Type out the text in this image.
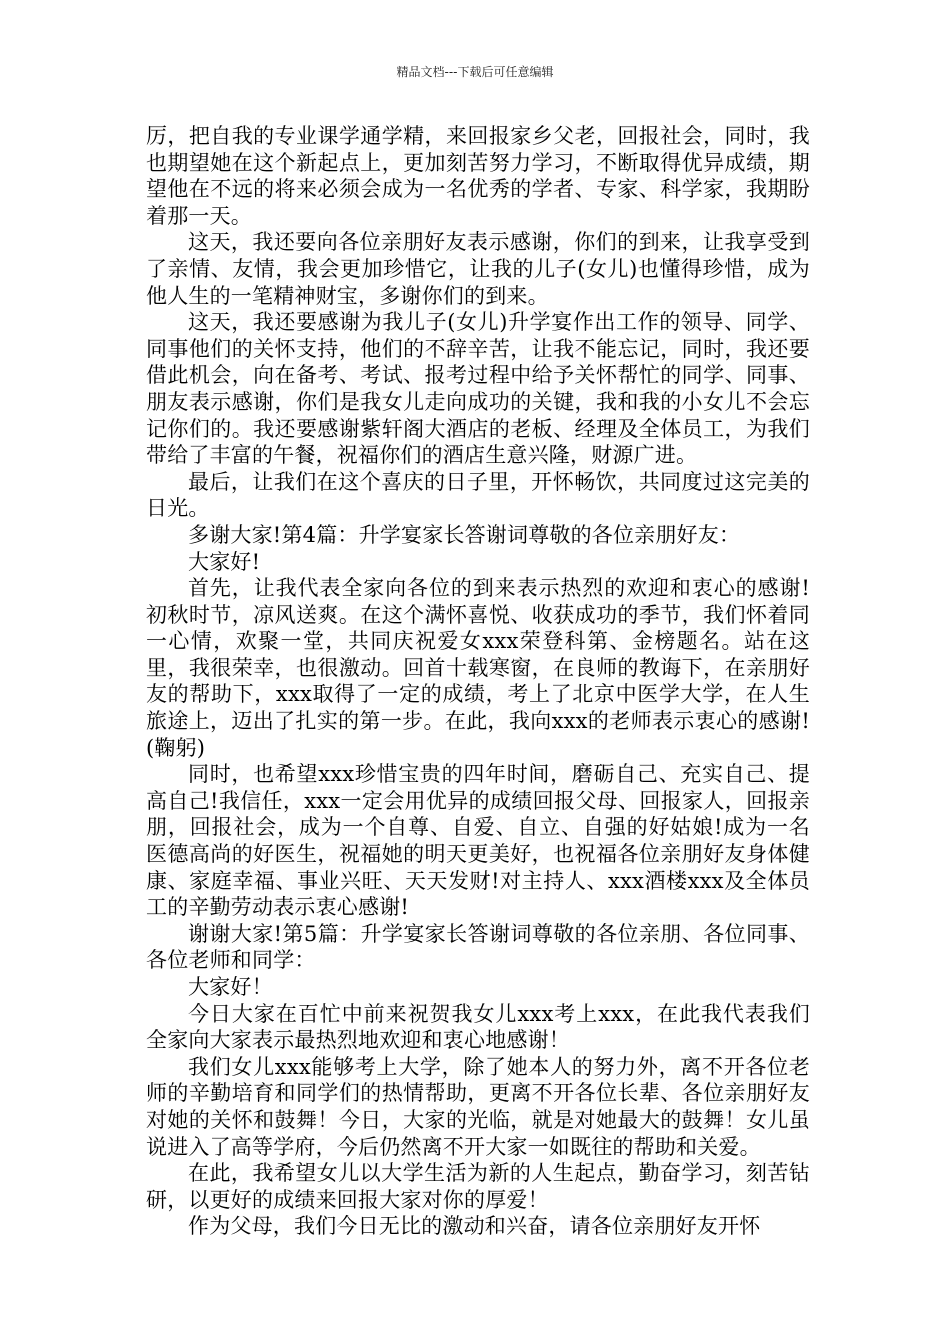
精品文档---下载后可任意编辑

厉，把自我的专业课学通学精，来回报家乡父老，回报社会，同时，我也期望她在这个新起点上，更加刻苦努力学习，不断取得优异成绩，期望他在不远的将来必须会成为一名优秀的学者、专家、科学家，我期盼着那一天。

这天，我还要向各位亲朋好友表示感谢，你们的到来，让我享受到了亲情、友情，我会更加珍惜它，让我的儿子(女儿)也懂得珍惜，成为他人生的一笔精神财宝，多谢你们的到来。

这天，我还要感谢为我儿子(女儿)升学宴作出工作的领导、同学、同事他们的关怀支持，他们的不辞辛苦，让我不能忘记，同时，我还要借此机会，向在备考、考试、报考过程中给予关怀帮忙的同学、同事、朋友表示感谢，你们是我女儿走向成功的关键，我和我的小女儿不会忘记你们的。我还要感谢紫轩阁大酒店的老板、经理及全体员工，为我们带给了丰富的午餐，祝福你们的酒店生意兴隆，财源广进。

最后，让我们在这个喜庆的日子里，开怀畅饮，共同度过这完美的日光。

多谢大家!第4篇：升学宴家长答谢词尊敬的各位亲朋好友：

大家好!

首先，让我代表全家向各位的到来表示热烈的欢迎和衷心的感谢!初秋时节，凉风送爽。在这个满怀喜悦、收获成功的季节，我们怀着同一心情，欢聚一堂，共同庆祝爱女xxx荣登科第、金榜题名。站在这里，我很荣幸，也很激动。回首十载寒窗，在良师的教诲下，在亲朋好友的帮助下，xxx取得了一定的成绩，考上了北京中医学大学，在人生旅途上，迈出了扎实的第一步。在此，我向xxx的老师表示衷心的感谢!(鞠躬)

同时，也希望xxx珍惜宝贵的四年时间，磨砺自己、充实自己、提高自己!我信任，xxx一定会用优异的成绩回报父母、回报家人，回报亲朋，回报社会，成为一个自尊、自爱、自立、自强的好姑娘!成为一名医德高尚的好医生，祝福她的明天更美好，也祝福各位亲朋好友身体健康、家庭幸福、事业兴旺、天天发财!对主持人、xxx酒楼xxx及全体员工的辛勤劳动表示衷心感谢!

谢谢大家!第5篇：升学宴家长答谢词尊敬的各位亲朋、各位同事、各位老师和同学：

大家好！

今日大家在百忙中前来祝贺我女儿xxx考上xxx，在此我代表我们全家向大家表示最热烈地欢迎和衷心地感谢！

我们女儿xxx能够考上大学，除了她本人的努力外，离不开各位老师的辛勤培育和同学们的热情帮助，更离不开各位长辈、各位亲朋好友对她的关怀和鼓舞！今日，大家的光临，就是对她最大的鼓舞！女儿虽说进入了高等学府，今后仍然离不开大家一如既往的帮助和关爱。

在此，我希望女儿以大学生活为新的人生起点，勤奋学习，刻苦钻研，以更好的成绩来回报大家对你的厚爱！

作为父母，我们今日无比的激动和兴奋，请各位亲朋好友开怀
